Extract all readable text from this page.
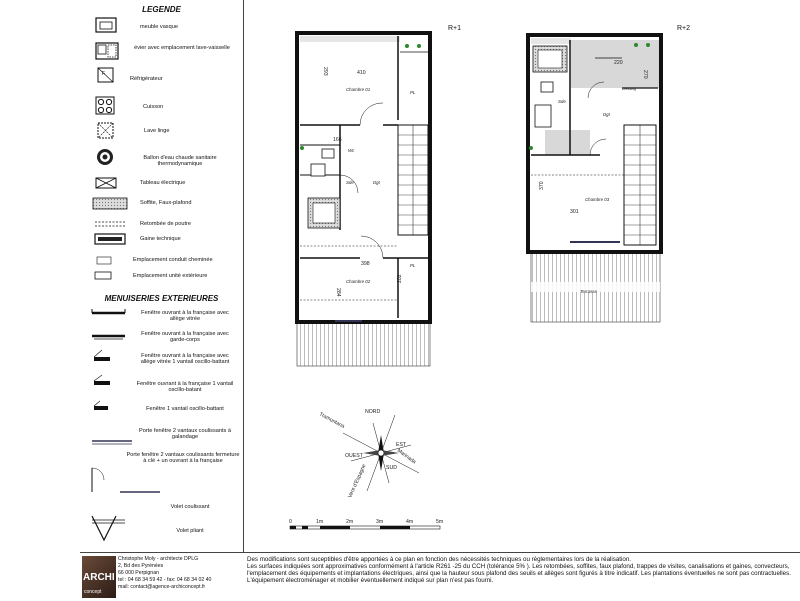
LEGENDE
F
meuble vasque
évier avec emplacement lave-vaisselle
Réfrigérateur
Cuisson
Lave linge
Ballon d'eau chaude sanitaire thermodynamique
Tableau électrique
Soffite, Faux-plafond
Retombée de poutre
Gaine technique
Emplacement conduit cheminée
Emplacement unité extérieure
MENUISERIES EXTERIEURES
Fenêtre ouvrant à la française avec allège vitrée
Fenêtre ouvrant à la française avec garde-corps
Fenêtre ouvrant à la française avec allège vitrée 1 vantail oscillo-battant
Fenêtre ouvrant à la française 1 vantail oscillo-batant
Fenêtre 1 vantail oscillo-battant
Porte fenêtre 2 vantaux coulissants à galandage
Porte fenêtre 2 vantaux coulissants fermeture à clé + un ouvrant à la française
Volet coulissant
Volet pliant
R+1	R+2
Chambre 01
Chambre 02
Sde	Dgt
Wc
PL
PL
410
293
166
398
284
202
Sde
Dgt
Chambre 03
Terrasse
Dressing
220
270
370
301
NORD
EST
SUD
OUEST
Tramuntana
Marinada
Vent d'Espagne
0	1m	2m	3m	4m	5m
ARCHI
concept
Christophe Moly - architecte DPLG
2, Bd des Pyrénées
66 000 Perpignan
tel : 04 68 34 59 42 - fax: 04 68 34 02 40
mail: contact@agence-archiconcept.fr
Des modifications sont suceptibles d'être apportées à ce plan en fonction des nécessités techniques ou réglementaires lors de la réalisation.
Les surfaces indiquées sont approximatives conformément à l'article R261 -25 du CCH (tolérance 5% ). Les retombées, soffites, faux plafond, trappes de visites, canalisations et gaines, convecteurs, l'emplacement des équipements et implantations électriques, ainsi que la hauteur sous plafond des seuils et allèges sont figurés à titre indicatif. Les plantations éventuelles ne sont pas contractuelles.
L'équipement électroménager et mobilier éventuellement indiqué sur plan n'est pas fourni.
